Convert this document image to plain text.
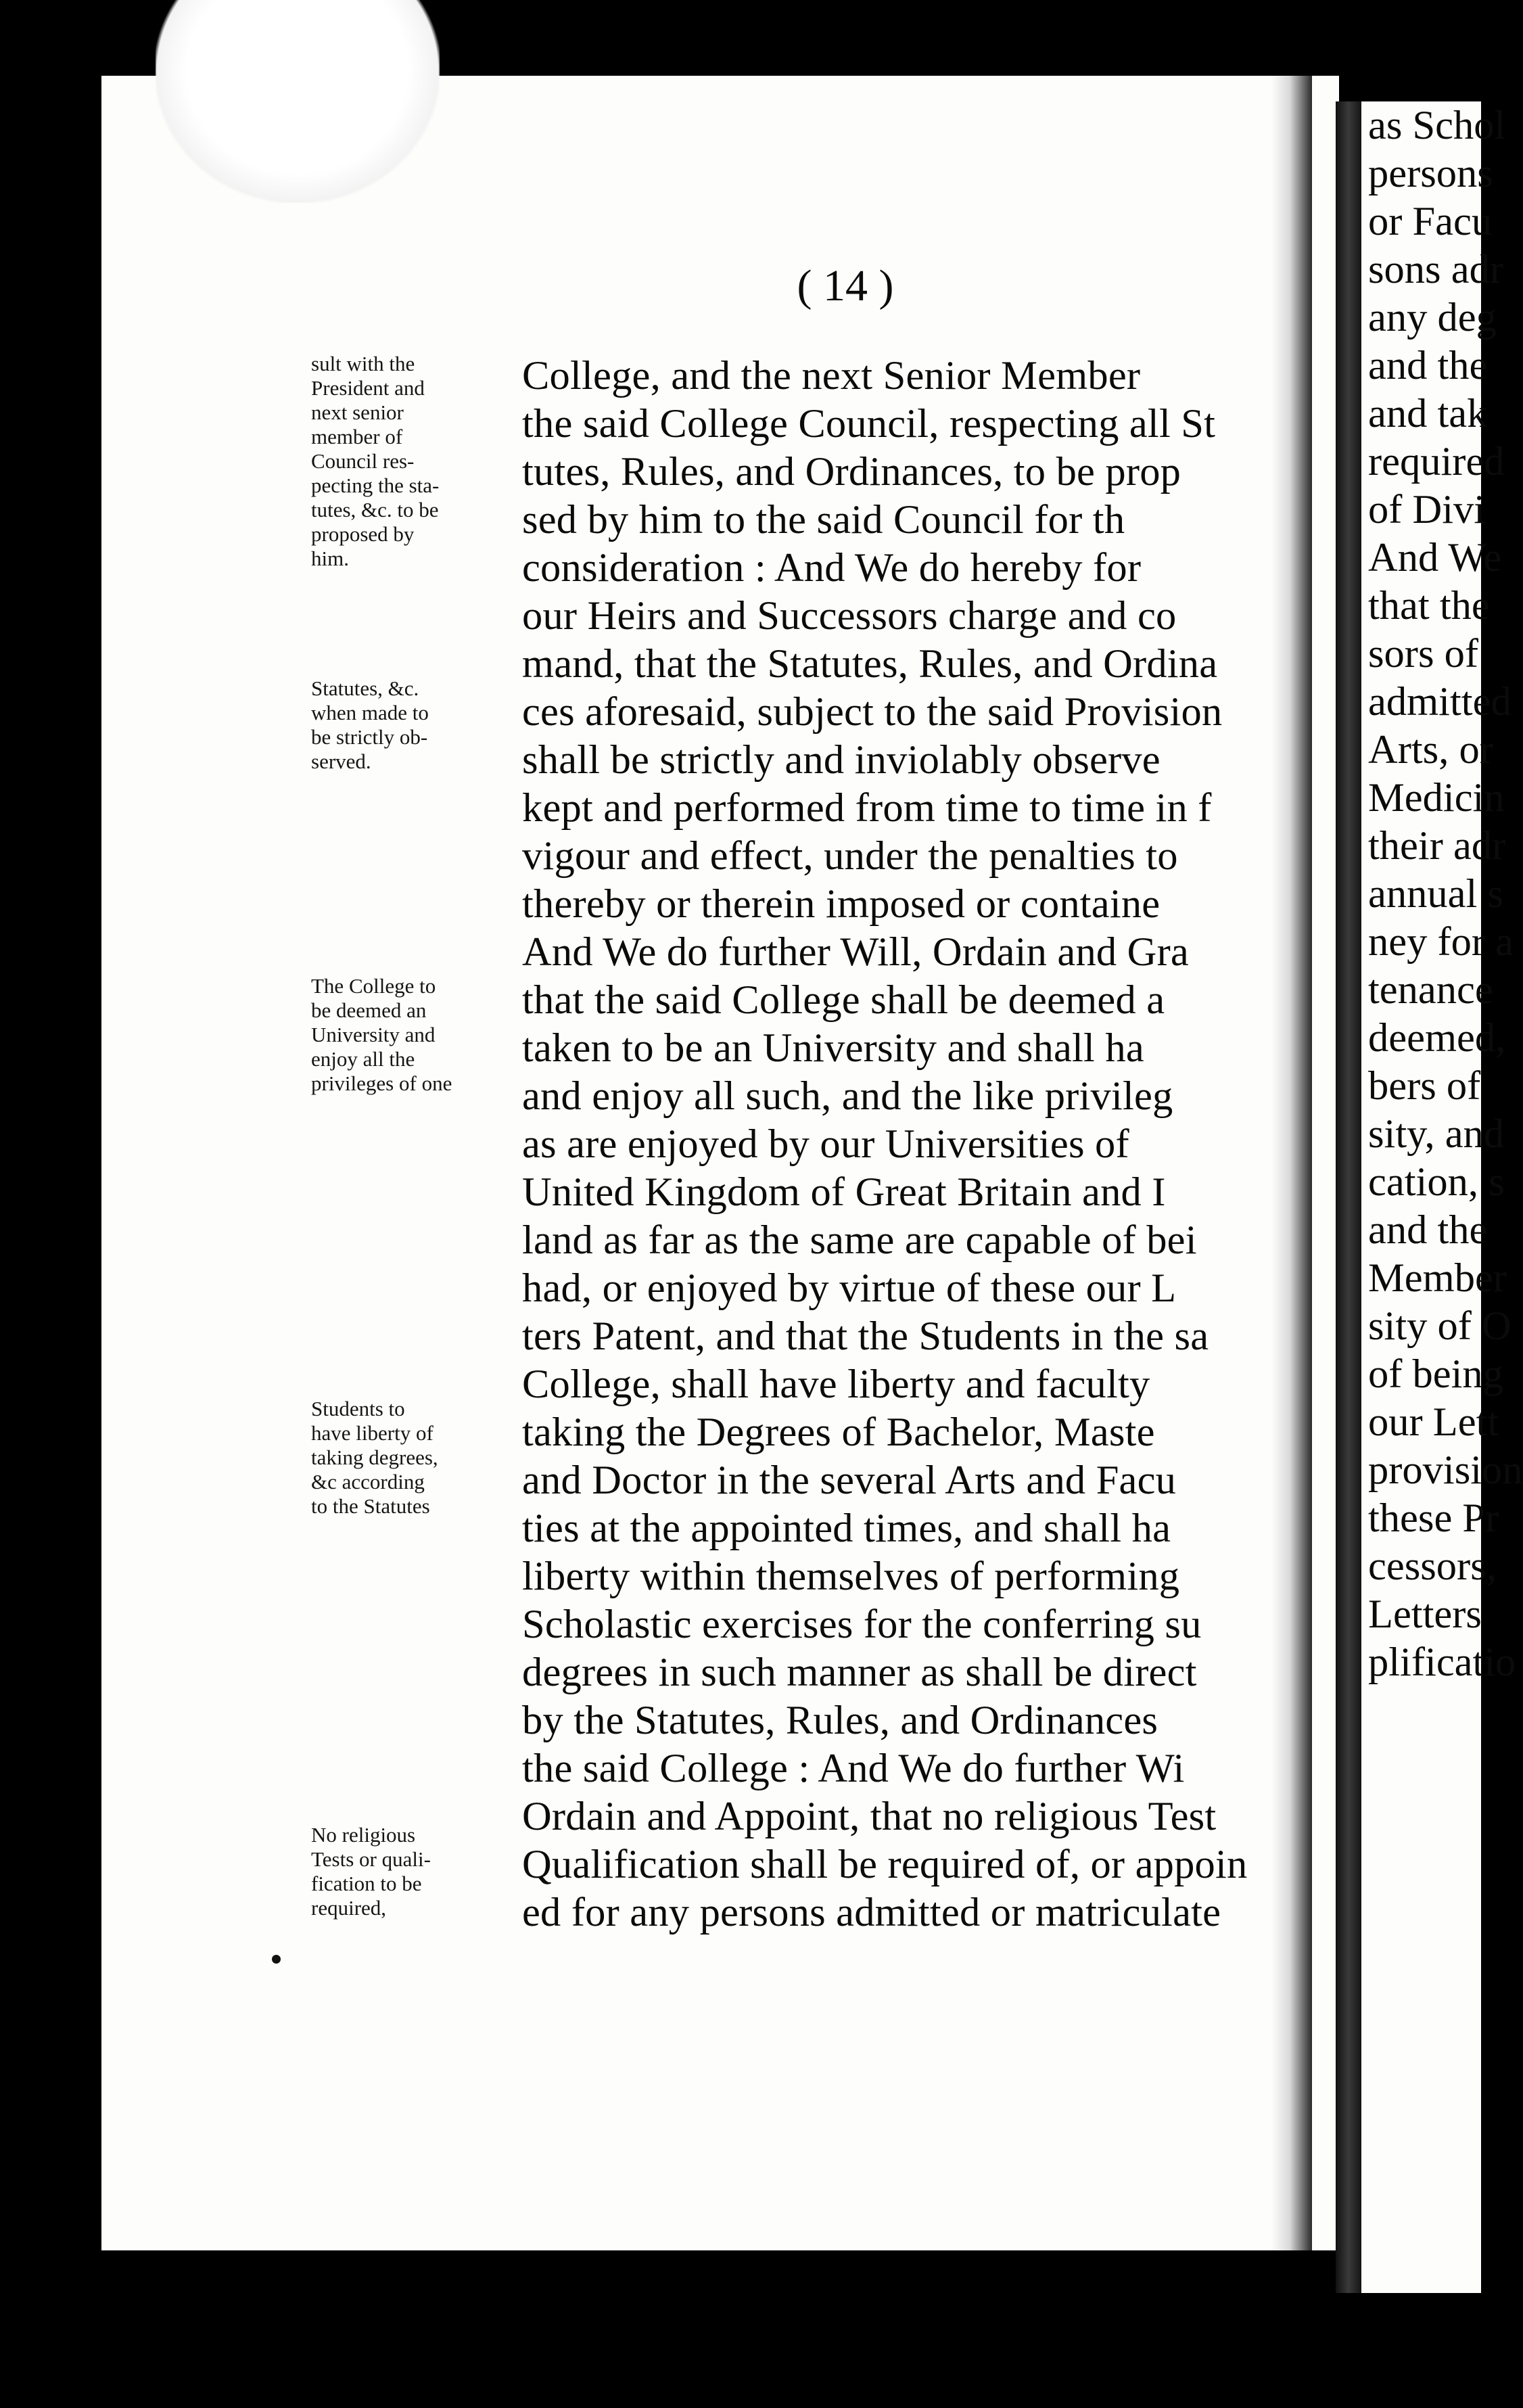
( 14 )
sult with the
President and
next senior
member of
Council res-
pecting the sta-
tutes, &c. to be
proposed by
him.
Statutes, &c.
when made to
be strictly ob-
served.
The College to
be deemed an
University and
enjoy all the
privileges of one
Students to
have liberty of
taking degrees,
&c according
to the Statutes
No religious
Tests or quali-
fication to be
required,
College, and the next Senior Member
the said College Council, respecting all St
tutes, Rules, and Ordinances, to be prop
sed by him to the said Council for th
consideration : And We do hereby for
our Heirs and Successors charge and co
mand, that the Statutes, Rules, and Ordina
ces aforesaid, subject to the said Provision
shall be strictly and inviolably observe
kept and performed from time to time in f
vigour and effect, under the penalties to
thereby or therein imposed or containe
And We do further Will, Ordain and Gra
that the said College shall be deemed a
taken to be an University and shall ha
and enjoy all such, and the like privileg
as are enjoyed by our Universities of
United Kingdom of Great Britain and I
land as far as the same are capable of bei
had, or enjoyed by virtue of these our L
ters Patent, and that the Students in the sa
College, shall have liberty and faculty
taking the Degrees of Bachelor, Maste
and Doctor in the several Arts and Facu
ties at the appointed times, and shall ha
liberty within themselves of performing
Scholastic exercises for the conferring su
degrees in such manner as shall be direct
by the Statutes, Rules, and Ordinances
the said College : And We do further Wi
Ordain and Appoint, that no religious Test
Qualification shall be required of, or appoin
ed for any persons admitted or matriculate
as Schol
persons
or Facu
sons adr
any deg
and the
and tak
required
of Divi
And We
that the
sors of
admitted
Arts, or
Medicin
their adr
annual s
ney for a
tenance
deemed,
bers of
sity, and
cation, s
and the
Member
sity of O
of being
our Lett
provision
these Pr
cessors,
Letters
plificatio
